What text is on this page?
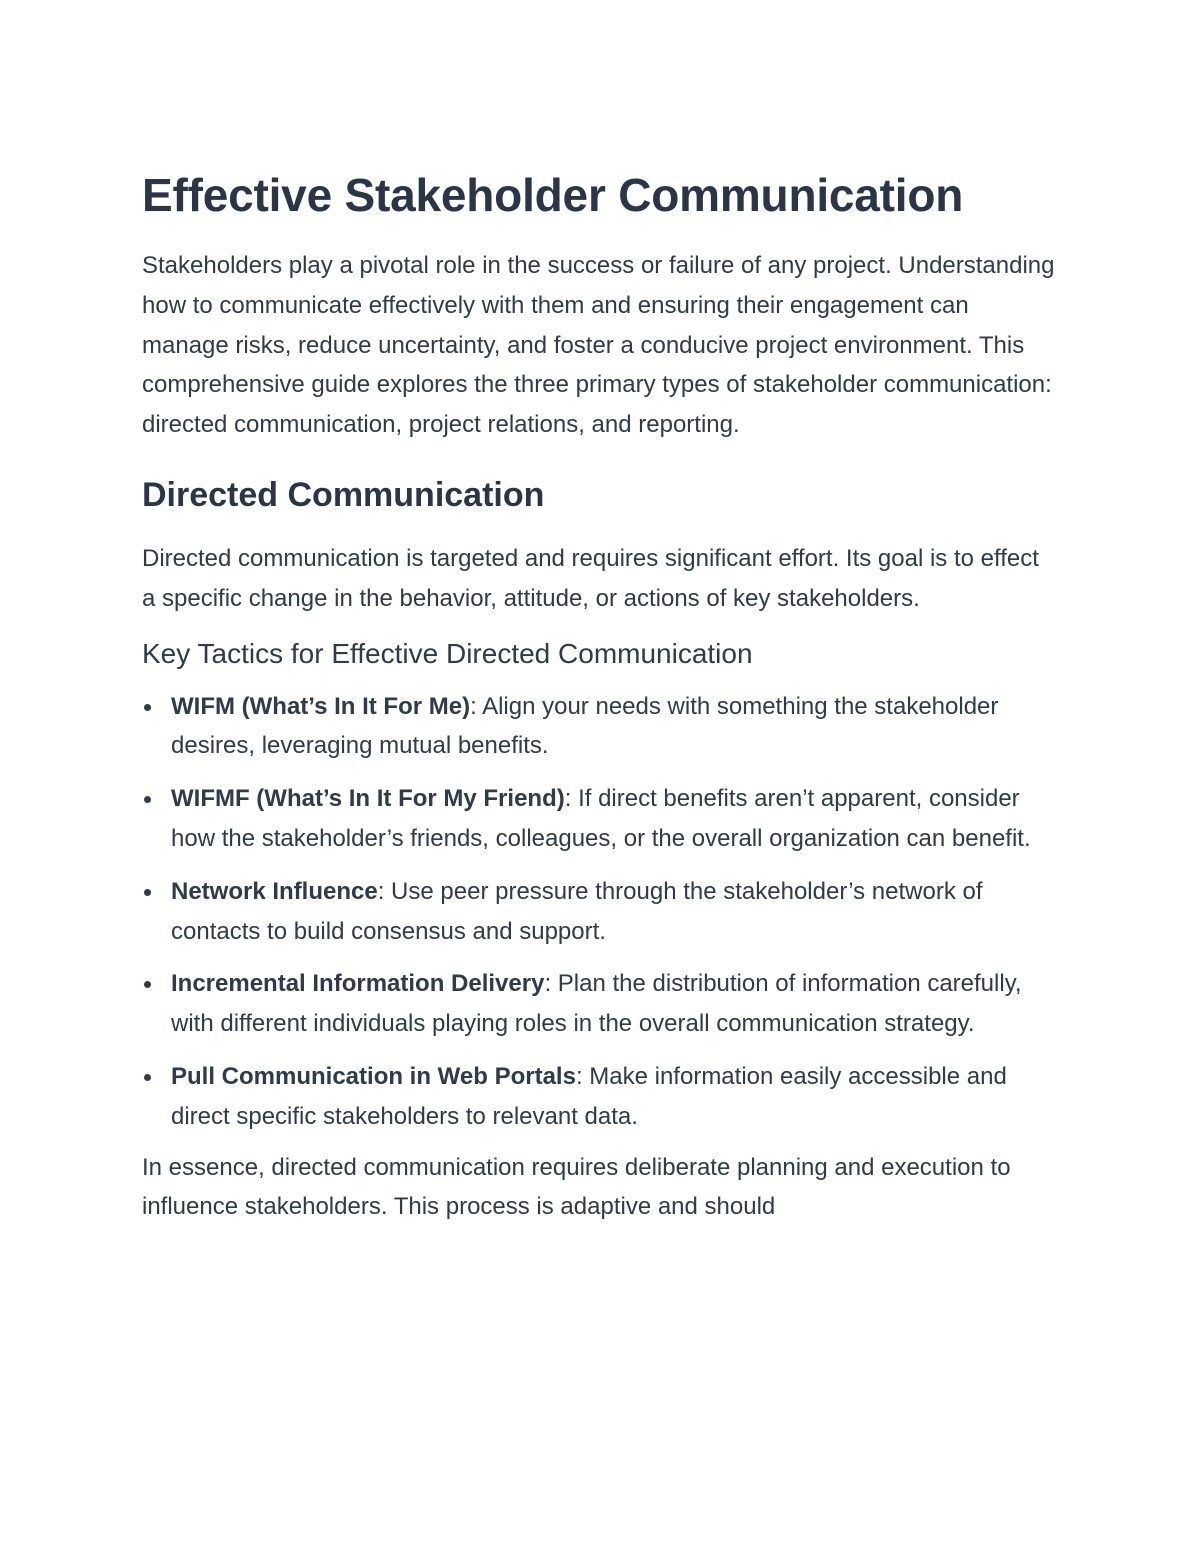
Effective Stakeholder Communication

Stakeholders play a pivotal role in the success or failure of any project. Understanding how to communicate effectively with them and ensuring their engagement can manage risks, reduce uncertainty, and foster a conducive project environment. This comprehensive guide explores the three primary types of stakeholder communication: directed communication, project relations, and reporting.

Directed Communication

Directed communication is targeted and requires significant effort. Its goal is to effect a specific change in the behavior, attitude, or actions of key stakeholders.

Key Tactics for Effective Directed Communication
WIFM (What’s In It For Me): Align your needs with something the stakeholder desires, leveraging mutual benefits.
WIFMF (What’s In It For My Friend): If direct benefits aren’t apparent, consider how the stakeholder’s friends, colleagues, or the overall organization can benefit.
Network Influence: Use peer pressure through the stakeholder’s network of contacts to build consensus and support.
Incremental Information Delivery: Plan the distribution of information carefully, with different individuals playing roles in the overall communication strategy.
Pull Communication in Web Portals: Make information easily accessible and direct specific stakeholders to relevant data.

In essence, directed communication requires deliberate planning and execution to influence stakeholders. This process is adaptive and should
